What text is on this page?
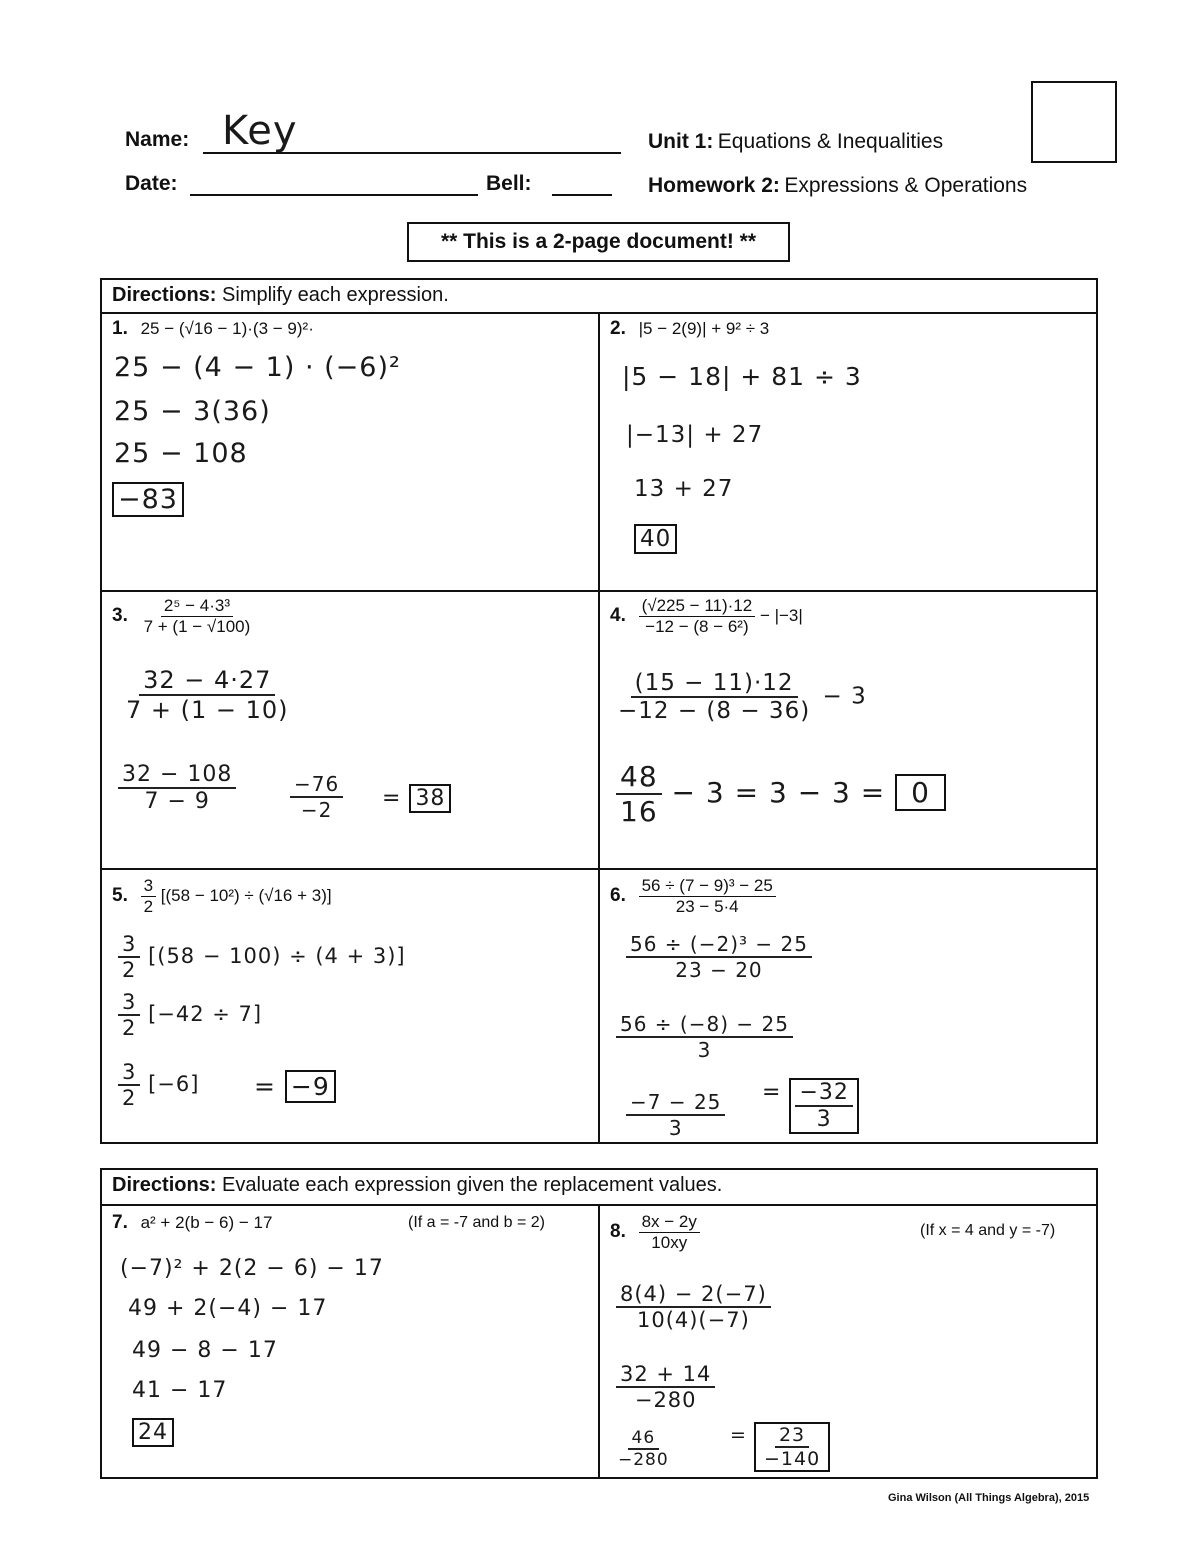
Name: Key
Date:	Bell:
Unit 1: Equations & Inequalities
Homework 2: Expressions & Operations
** This is a 2-page document! **
Directions: Simplify each expression.
1. 25 − (√16 − 1)·(3 − 9)²·
25 − (4 − 1) · (−6)²
25 − 3(36)
25 − 108
−83
2. |5 − 2(9)| + 9² ÷ 3
|5 − 18| + 81 ÷ 3
|−13| + 27
13 + 27
40
3. $\frac{\text{2⁵ − 4·3³}}{7 + (1 - √100)}$
$\frac{32 - 4\cdot 27}{7 + (1 - 10)}$
$\frac{32 - 108}{7 - 9}$	$\frac{-76}{-2} = 38$
4. $\frac{(√225 - 11)\cdot 12}{\text{−12 − (8 − 6²)}} - |-3|$
$\frac{(15 - 11)\cdot 12}{-12 - (8 - 36)} - 3$
$\frac{48}{16} - 3 = 3 - 3 = 0$
5. $\frac{3}{2} [(58 - 10^2) \div (√16 + 3)]$
$\frac{3}{2} [(58 - 100) \div (4 + 3)]$
$\frac{3}{2} [-42 \div 7]$
$\frac{3}{2} [-6] = -9$
6. $\frac{\text{56 ÷ (7 − 9)³ − 25}}{23 - 5\cdot 4}$
$\frac{\text{56 ÷ (−2)³ − 25}}{23 - 20}$
$\frac{56 \div (-8) - 25}{3}$
$\frac{-7 - 25}{3} = \frac{-32}{3}$
Directions: Evaluate each expression given the replacement values.
7. a² + 2(b − 6) − 17	(If a = -7 and b = 2)
(−7)² + 2(2 − 6) − 17
49 + 2(−4) − 17
49 − 8 − 17
41 − 17
24
8. $\frac{8x - 2y}{10xy}$	(If x = 4 and y = -7)
$\frac{8(4) - 2(-7)}{10(4)(-7)}$
$\frac{32 + 14}{-280}$
$\frac{46}{-280}$	= $\frac{23}{-140}$
Gina Wilson (All Things Algebra), 2015
